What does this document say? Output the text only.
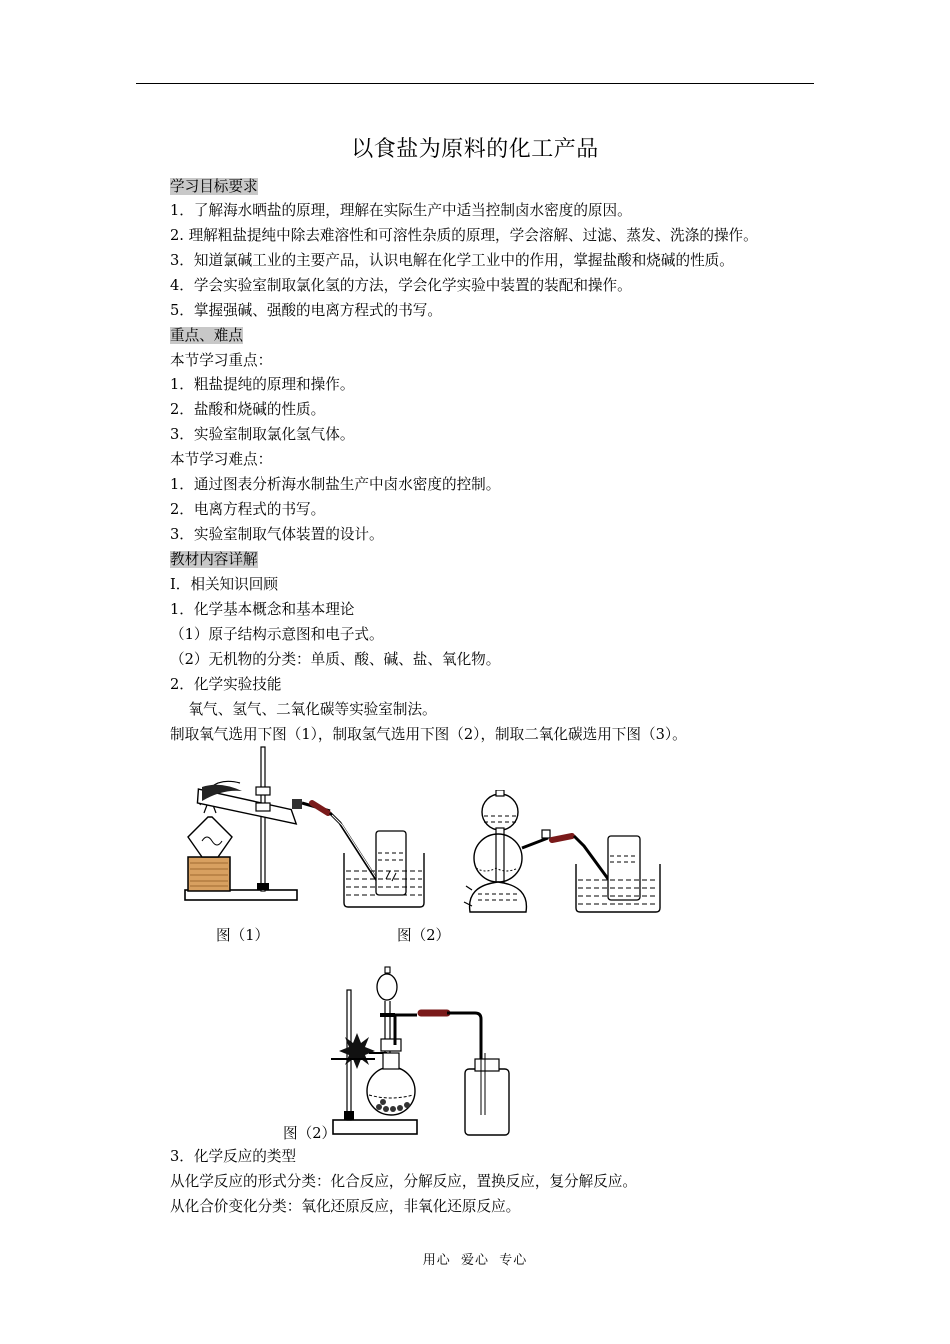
以食盐为原料的化工产品
学习目标要求
1．了解海水晒盐的原理，理解在实际生产中适当控制卤水密度的原因。
2. 理解粗盐提纯中除去难溶性和可溶性杂质的原理，学会溶解、过滤、蒸发、洗涤的操作。
3．知道氯碱工业的主要产品，认识电解在化学工业中的作用，掌握盐酸和烧碱的性质。
4．学会实验室制取氯化氢的方法，学会化学实验中装置的装配和操作。
5．掌握强碱、强酸的电离方程式的书写。
重点、难点
本节学习重点：
1．粗盐提纯的原理和操作。
2．盐酸和烧碱的性质。
3．实验室制取氯化氢气体。
本节学习难点：
1．通过图表分析海水制盐生产中卤水密度的控制。
2．电离方程式的书写。
3．实验室制取气体装置的设计。
教材内容详解
I．相关知识回顾
1．化学基本概念和基本理论
（1）原子结构示意图和电子式。
（2）无机物的分类：单质、酸、碱、盐、氧化物。
2．化学实验技能
氧气、氢气、二氧化碳等实验室制法。
制取氧气选用下图（1），制取氢气选用下图（2），制取二氧化碳选用下图（3）。
图（1）	图（2）
图（2）
3．化学反应的类型
从化学反应的形式分类：化合反应，分解反应，置换反应，复分解反应。
从化合价变化分类：氧化还原反应，非氧化还原反应。
用心  爱心  专心
